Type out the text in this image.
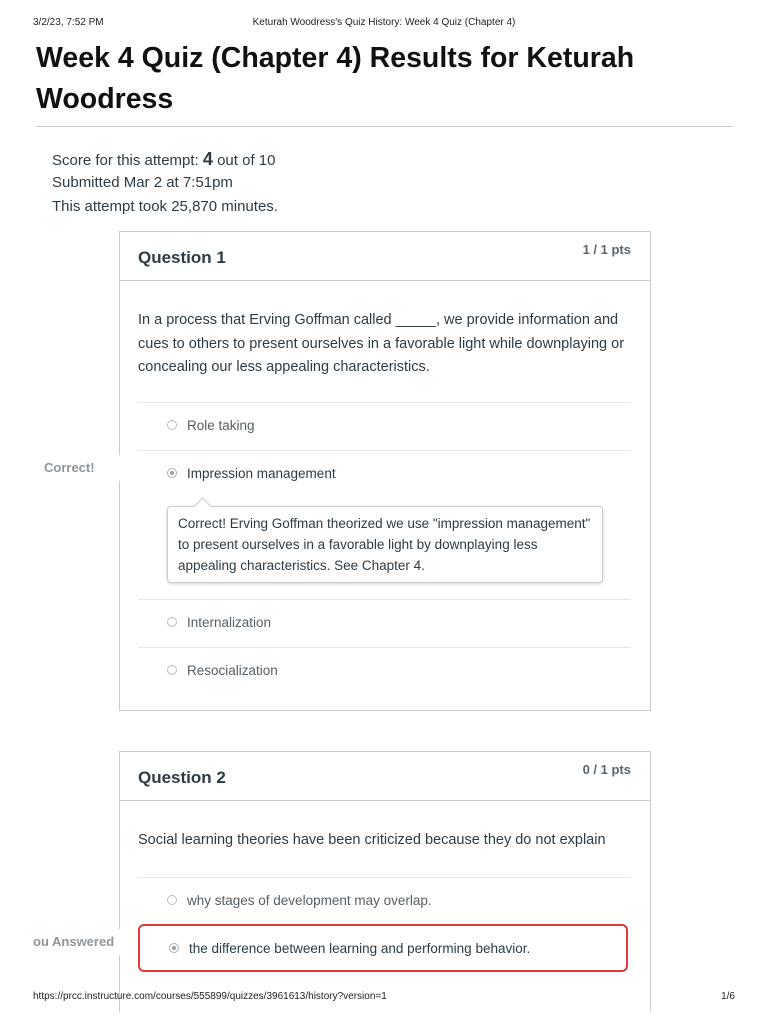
3/2/23, 7:52 PM	Keturah Woodress's Quiz History: Week 4 Quiz (Chapter 4)
Week 4 Quiz (Chapter 4) Results for Keturah Woodress
Score for this attempt: 4 out of 10
Submitted Mar 2 at 7:51pm
This attempt took 25,870 minutes.
Question 1	1 / 1 pts
In a process that Erving Goffman called _____, we provide information and cues to others to present ourselves in a favorable light while downplaying or concealing our less appealing characteristics.
Role taking
Impression management
Correct! Erving Goffman theorized we use "impression management" to present ourselves in a favorable light by downplaying less appealing characteristics. See Chapter 4.
Internalization
Resocialization
Correct!
Question 2	0 / 1 pts
Social learning theories have been criticized because they do not explain
why stages of development may overlap.
the difference between learning and performing behavior.
ou Answered
https://prcc.instructure.com/courses/555899/quizzes/3961613/history?version=1	1/6
